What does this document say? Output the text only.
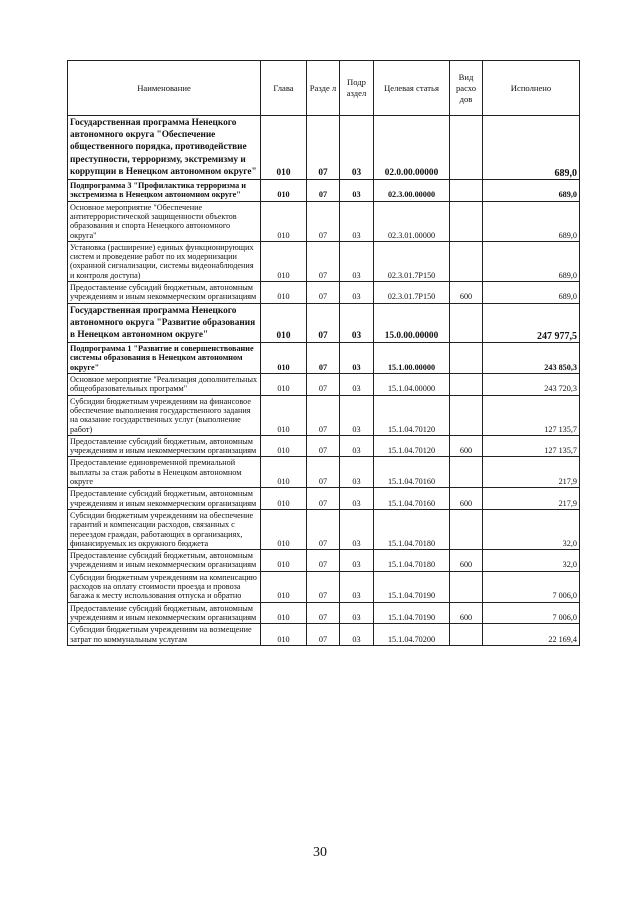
Наименование	Глава	Разде л	Подр аздел	Целевая статья	Вид расхо дов	Исполнено
Государственная программа Ненецкого автономного округа "Обеспечение общественного порядка, противодействие преступности, терроризму, экстремизму и коррупции в Ненецком автономном округе"	010	07	03	02.0.00.00000		689,0
Подпрограмма 3 "Профилактика терроризма и экстремизма в Ненецком автономном округе"	010	07	03	02.3.00.00000		689,0
Основное мероприятие "Обеспечение антитеррористической защищенности объектов образования и спорта Ненецкого автономного округа"	010	07	03	02.3.01.00000		689,0
Установка (расширение) единых функционирующих систем и проведение работ по их модернизации (охранной сигнализации, системы видеонаблюдения и контроля доступа)	010	07	03	02.3.01.7Р150		689,0
Предоставление субсидий бюджетным, автономным учреждениям и иным некоммерческим организациям	010	07	03	02.3.01.7Р150	600	689,0
Государственная программа Ненецкого автономного округа "Развитие образования в Ненецком автономном округе"	010	07	03	15.0.00.00000		247 977,5
Подпрограмма 1 "Развитие и совершенствование системы образования в Ненецком автономном округе"	010	07	03	15.1.00.00000		243 850,3
Основное мероприятие "Реализация дополнительных общеобразовательных программ"	010	07	03	15.1.04.00000		243 720,3
Субсидии бюджетным учреждениям на финансовое обеспечение выполнения государственного задания на оказание государственных услуг (выполнение работ)	010	07	03	15.1.04.70120		127 135,7
Предоставление субсидий бюджетным, автономным учреждениям и иным некоммерческим организациям	010	07	03	15.1.04.70120	600	127 135,7
Предоставление единовременной премиальной выплаты за стаж работы в Ненецком автономном округе	010	07	03	15.1.04.70160		217,9
Предоставление субсидий бюджетным, автономным учреждениям и иным некоммерческим организациям	010	07	03	15.1.04.70160	600	217,9
Субсидии бюджетным учреждениям на обеспечение гарантий и компенсации расходов, связанных с переездом граждан, работающих в организациях, финансируемых из окружного бюджета	010	07	03	15.1.04.70180		32,0
Предоставление субсидий бюджетным, автономным учреждениям и иным некоммерческим организациям	010	07	03	15.1.04.70180	600	32,0
Субсидии бюджетным учреждениям на компенсацию расходов на оплату стоимости проезда и провоза багажа к месту использования отпуска и обратно	010	07	03	15.1.04.70190		7 006,0
Предоставление субсидий бюджетным, автономным учреждениям и иным некоммерческим организациям	010	07	03	15.1.04.70190	600	7 006,0
Субсидии бюджетным учреждениям на возмещение затрат по коммунальным услугам	010	07	03	15.1.04.70200		22 169,4
30
